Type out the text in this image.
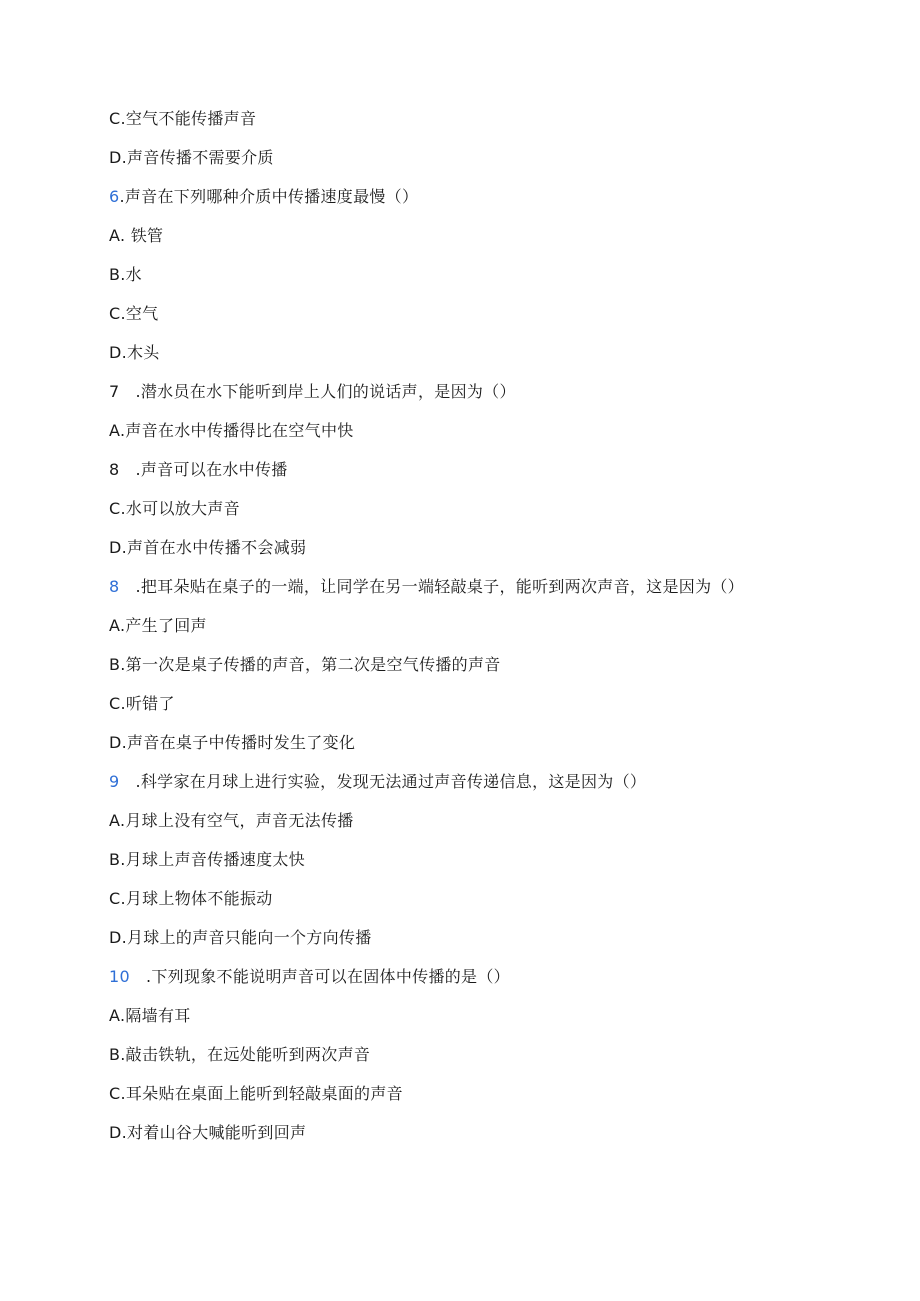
C.空气不能传播声音
D.声音传播不需要介质
6.声音在下列哪种介质中传播速度最慢（）
A. 铁管
B.水
C.空气
D.木头
7 .潜水员在水下能听到岸上人们的说话声，是因为（）
A.声音在水中传播得比在空气中快
8 .声音可以在水中传播
C.水可以放大声音
D.声首在水中传播不会减弱
8 .把耳朵贴在桌子的一端，让同学在另一端轻敲桌子，能听到两次声音，这是因为（）
A.产生了回声
B.第一次是桌子传播的声音，第二次是空气传播的声音
C.听错了
D.声音在桌子中传播时发生了变化
9 .科学家在月球上进行实验，发现无法通过声音传递信息，这是因为（）
A.月球上没有空气，声音无法传播
B.月球上声音传播速度太快
C.月球上物体不能振动
D.月球上的声音只能向一个方向传播
10 .下列现象不能说明声音可以在固体中传播的是（）
A.隔墙有耳
B.敲击铁轨，在远处能听到两次声音
C.耳朵贴在桌面上能听到轻敲桌面的声音
D.对着山谷大喊能听到回声
